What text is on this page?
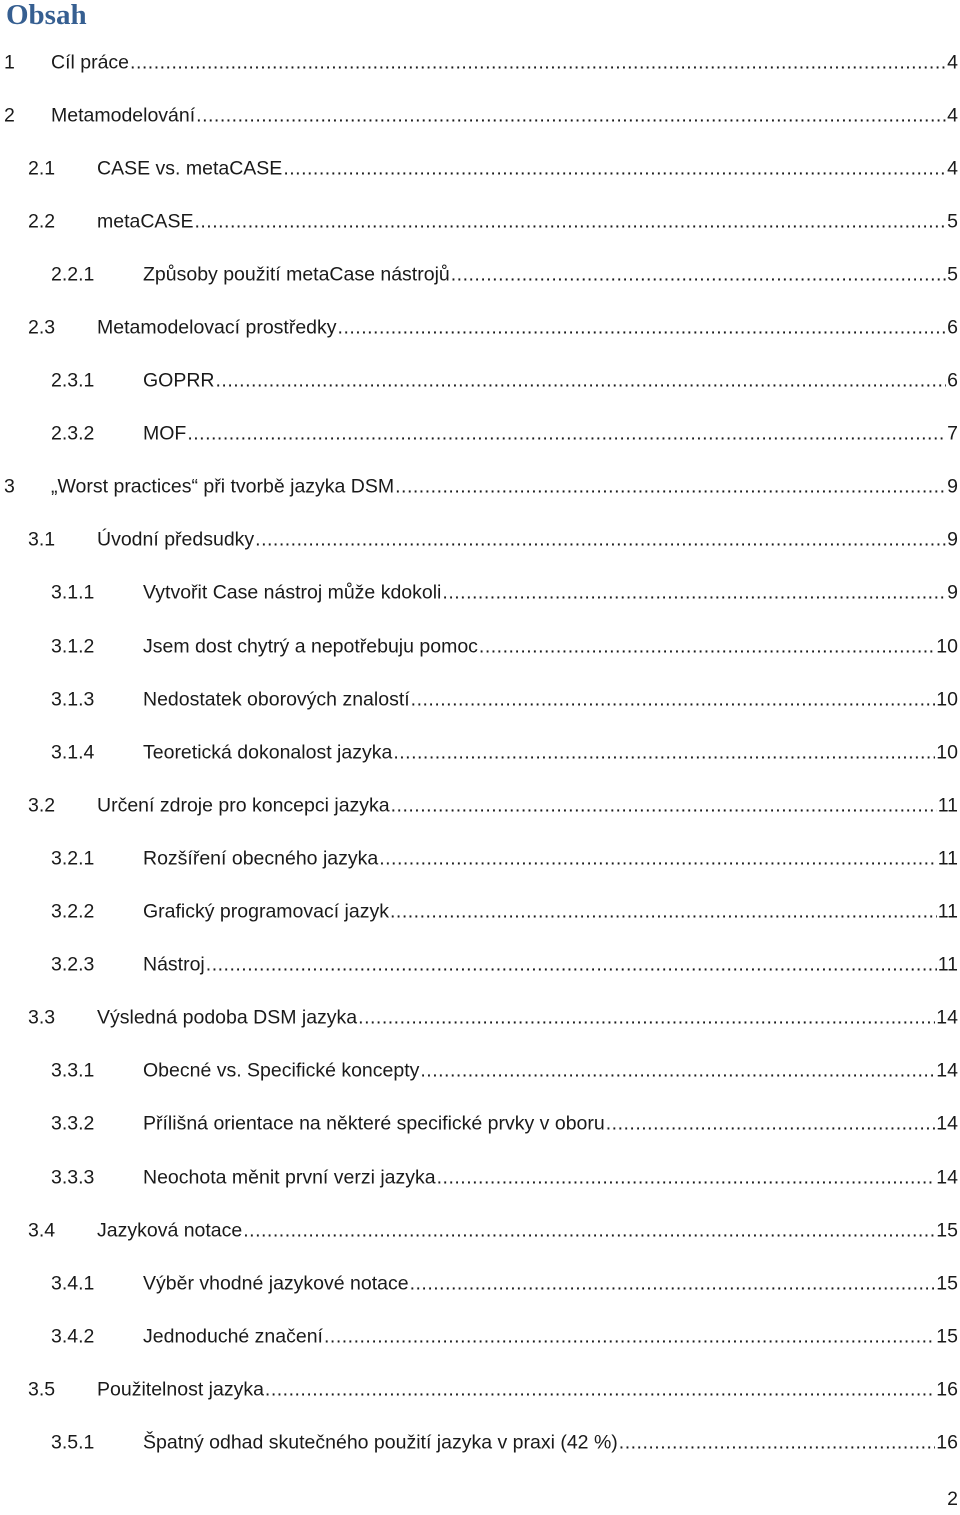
Obsah
1 Cíl práce .....	4
2 Metamodelování .....	4
2.1 CASE vs. metaCASE .....	4
2.2 metaCASE .....	5
2.2.1 Způsoby použití metaCase nástrojů .....	5
2.3 Metamodelovací prostředky .....	6
2.3.1 GOPRR .....	6
2.3.2 MOF .....	7
3 „Worst practices“ při tvorbě jazyka DSM .....	9
3.1 Úvodní předsudky .....	9
3.1.1 Vytvořit Case nástroj může kdokoli .....	9
3.1.2 Jsem dost chytrý a nepotřebuju pomoc .....	10
3.1.3 Nedostatek oborových znalostí .....	10
3.1.4 Teoretická dokonalost jazyka .....	10
3.2 Určení zdroje pro koncepci jazyka .....	11
3.2.1 Rozšíření obecného jazyka .....	11
3.2.2 Grafický programovací jazyk .....	11
3.2.3 Nástroj .....	11
3.3 Výsledná podoba DSM jazyka .....	14
3.3.1 Obecné vs. Specifické koncepty .....	14
3.3.2 Přílišná orientace na některé specifické prvky v oboru .....	14
3.3.3 Neochota měnit první verzi jazyka .....	14
3.4 Jazyková notace .....	15
3.4.1 Výběr vhodné jazykové notace .....	15
3.4.2 Jednoduché značení .....	15
3.5 Použitelnost jazyka .....	16
3.5.1 Špatný odhad skutečného použití jazyka v praxi (42 %) .....	16
2
